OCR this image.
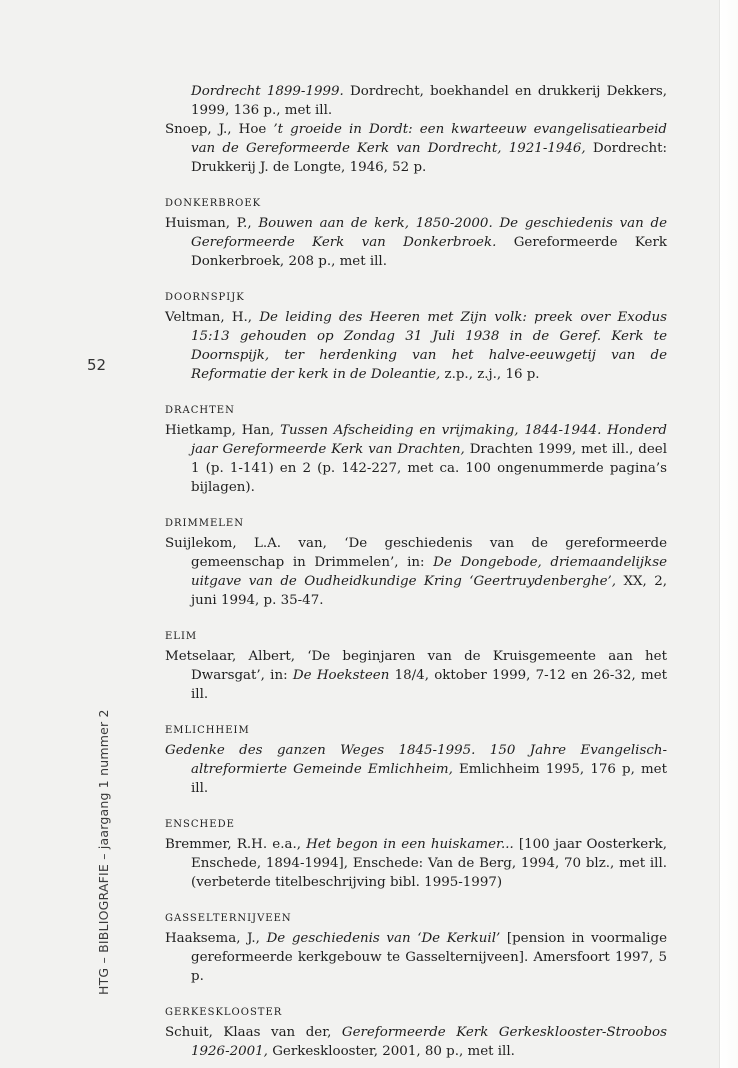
52
HTG – BIBLIOGRAFIE – jaargang 1 nummer 2
Dordrecht 1899-1999. Dordrecht, boekhandel en drukkerij Dekkers, 1999, 136 p., met ill.
Snoep, J., Hoe ’t groeide in Dordt: een kwarteeuw evangelisatiearbeid van de Gereformeerde Kerk van Dordrecht, 1921-1946, Dordrecht: Drukkerij J. de Longte, 1946, 52 p.
DONKERBROEK
Huisman, P., Bouwen aan de kerk, 1850-2000. De geschiedenis van de Gereformeerde Kerk van Donkerbroek. Gereformeerde Kerk Donkerbroek, 208 p., met ill.
DOORNSPIJK
Veltman, H., De leiding des Heeren met Zijn volk: preek over Exodus 15:13 gehouden op Zondag 31 Juli 1938 in de Geref. Kerk te Doornspijk, ter herdenking van het halve-eeuwgetij van de Reformatie der kerk in de Doleantie, z.p., z.j., 16 p.
DRACHTEN
Hietkamp, Han, Tussen Afscheiding en vrijmaking, 1844-1944. Honderd jaar Gereformeerde Kerk van Drachten, Drachten 1999, met ill., deel 1 (p. 1-141) en 2 (p. 142-227, met ca. 100 ongenummerde pagina’s bijlagen).
DRIMMELEN
Suijlekom, L.A. van, ‘De geschiedenis van de gereformeerde gemeenschap in Drimmelen’, in: De Dongebode, driemaandelijkse uitgave van de Oudheidkundige Kring ‘Geertruydenberghe’, XX, 2, juni 1994, p. 35-47.
ELIM
Metselaar, Albert, ‘De beginjaren van de Kruisgemeente aan het Dwarsgat’, in: De Hoeksteen 18/4, oktober 1999, 7-12 en 26-32, met ill.
EMLICHHEIM
Gedenke des ganzen Weges 1845-1995. 150 Jahre Evangelisch-altreformierte Gemeinde Emlichheim, Emlichheim 1995, 176 p, met ill.
ENSCHEDE
Bremmer, R.H. e.a., Het begon in een huiskamer... [100 jaar Oosterkerk, Enschede, 1894-1994], Enschede: Van de Berg, 1994, 70 blz., met ill. (verbeterde titelbeschrijving bibl. 1995-1997)
GASSELTERNIJVEEN
Haaksema, J., De geschiedenis van ‘De Kerkuil’ [pension in voormalige gereformeerde kerkgebouw te Gasselternijveen]. Amersfoort 1997, 5 p.
GERKESKLOOSTER
Schuit, Klaas van der, Gereformeerde Kerk Gerkesklooster-Stroobos 1926-2001, Gerkesklooster, 2001, 80 p., met ill.
